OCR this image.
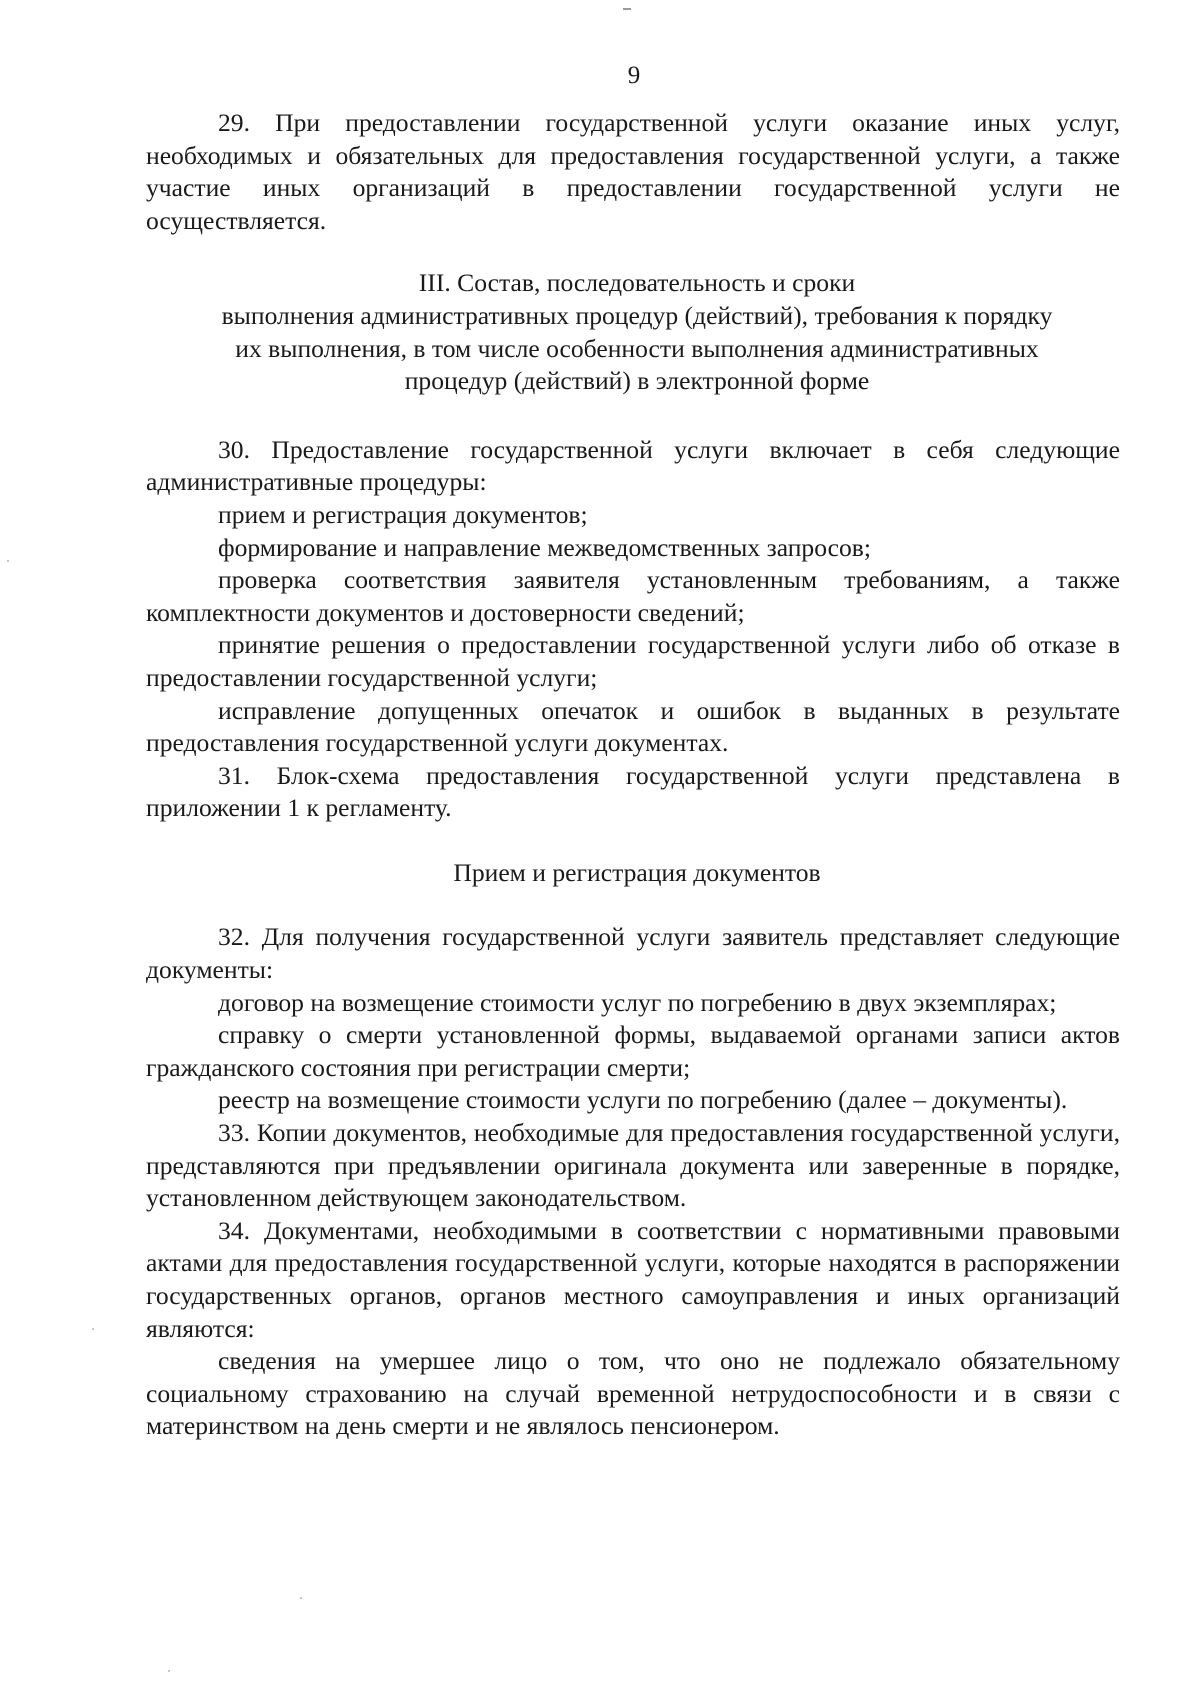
9

29. При предоставлении государственной услуги оказание иных услуг, необходимых и обязательных для предоставления государственной услуги, а также участие иных организаций в предоставлении государственной услуги не осуществляется.

III. Состав, последовательность и сроки
выполнения административных процедур (действий), требования к порядку
их выполнения, в том числе особенности выполнения административных
процедур (действий) в электронной форме

30. Предоставление государственной услуги включает в себя следующие административные процедуры:

прием и регистрация документов;

формирование и направление межведомственных запросов;

проверка соответствия заявителя установленным требованиям, а также комплектности документов и достоверности сведений;

принятие решения о предоставлении государственной услуги либо об отказе в предоставлении государственной услуги;

исправление допущенных опечаток и ошибок в выданных в результате предоставления государственной услуги документах.

31. Блок-схема предоставления государственной услуги представлена в приложении 1 к регламенту.

Прием и регистрация документов

32. Для получения государственной услуги заявитель представляет следующие документы:

договор на возмещение стоимости услуг по погребению в двух экземплярах;

справку о смерти установленной формы, выдаваемой органами записи актов гражданского состояния при регистрации смерти;

реестр на возмещение стоимости услуги по погребению (далее – документы).

33. Копии документов, необходимые для предоставления государственной услуги, представляются при предъявлении оригинала документа или заверенные в порядке, установленном действующем законодательством.

34. Документами, необходимыми в соответствии с нормативными правовыми актами для предоставления государственной услуги, которые находятся в распоряжении государственных органов, органов местного самоуправления и иных организаций являются:

сведения на умершее лицо о том, что оно не подлежало обязательному социальному страхованию на случай временной нетрудоспособности и в связи с материнством на день смерти и не являлось пенсионером.
